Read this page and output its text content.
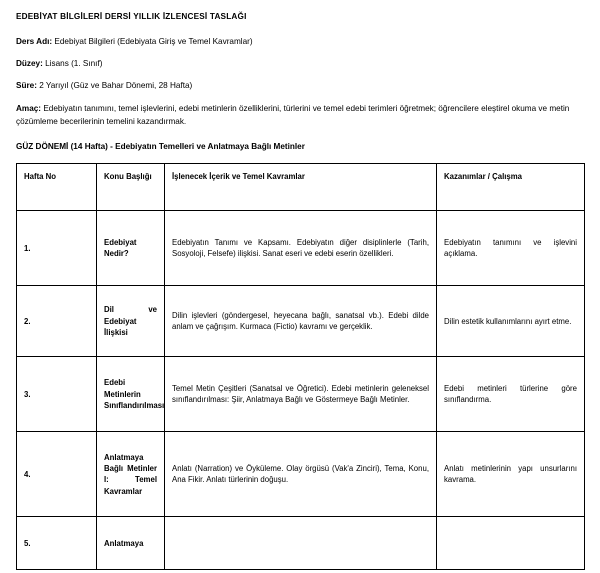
EDEBİYAT BİLGİLERİ DERSİ YILLIK İZLENCESİ TASLAĞI
Ders Adı: Edebiyat Bilgileri (Edebiyata Giriş ve Temel Kavramlar)
Düzey: Lisans (1. Sınıf)
Süre: 2 Yarıyıl (Güz ve Bahar Dönemi, 28 Hafta)
Amaç: Edebiyatın tanımını, temel işlevlerini, edebi metinlerin özelliklerini, türlerini ve temel edebi terimleri öğretmek; öğrencilere eleştirel okuma ve metin çözümleme becerilerinin temelini kazandırmak.
GÜZ DÖNEMİ (14 Hafta) - Edebiyatın Temelleri ve Anlatmaya Bağlı Metinler
Hafta No	Konu Başlığı	İşlenecek İçerik ve Temel Kavramlar	Kazanımlar / Çalışma
1.	Edebiyat Nedir?	Edebiyatın Tanımı ve Kapsamı. Edebiyatın diğer disiplinlerle (Tarih, Sosyoloji, Felsefe) ilişkisi. Sanat eseri ve edebi eserin özellikleri.	Edebiyatın tanımını ve işlevini açıklama.
2.	Dil ve Edebiyat İlişkisi	Dilin işlevleri (göndergesel, heyecana bağlı, sanatsal vb.). Edebi dilde anlam ve çağrışım. Kurmaca (Fictio) kavramı ve gerçeklik.	Dilin estetik kullanımlarını ayırt etme.
3.	Edebi Metinlerin Sınıflandırılması	Temel Metin Çeşitleri (Sanatsal ve Öğretici). Edebi metinlerin geleneksel sınıflandırılması: Şiir, Anlatmaya Bağlı ve Göstermeye Bağlı Metinler.	Edebi metinleri türlerine göre sınıflandırma.
4.	Anlatmaya Bağlı Metinler I: Temel Kavramlar	Anlatı (Narration) ve Öyküleme. Olay örgüsü (Vak'a Zinciri), Tema, Konu, Ana Fikir. Anlatı türlerinin doğuşu.	Anlatı metinlerinin yapı unsurlarını kavrama.
5.	Anlatmaya		
